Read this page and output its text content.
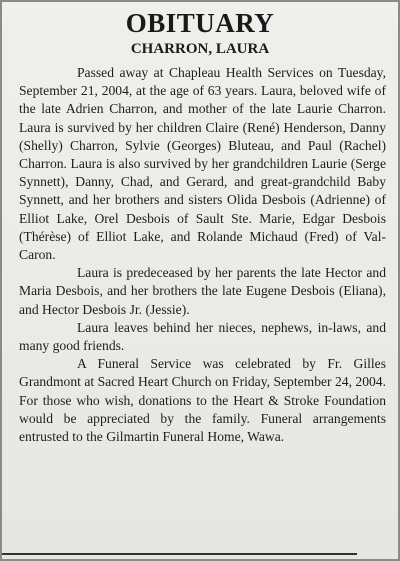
OBITUARY
CHARRON, LAURA

Passed away at Chapleau Health Services on Tuesday, September 21, 2004, at the age of 63 years. Laura, beloved wife of the late Adrien Charron, and mother of the late Laurie Charron. Laura is survived by her children Claire (René) Henderson, Danny (Shelly) Charron, Sylvie (Georges) Bluteau, and Paul (Rachel) Charron. Laura is also survived by her grandchildren Laurie (Serge Synnett), Danny, Chad, and Gerard, and great-grandchild Baby Synnett, and her brothers and sisters Olida Desbois (Adrienne) of Elliot Lake, Orel Desbois of Sault Ste. Marie, Edgar Desbois (Thérèse) of Elliot Lake, and Rolande Michaud (Fred) of Val-Caron.

Laura is predeceased by her parents the late Hector and Maria Desbois, and her brothers the late Eugene Desbois (Eliana), and Hector Desbois Jr. (Jessie).

Laura leaves behind her nieces, nephews, in-laws, and many good friends.

A Funeral Service was celebrated by Fr. Gilles Grandmont at Sacred Heart Church on Friday, September 24, 2004. For those who wish, donations to the Heart & Stroke Foundation would be appreciated by the family. Funeral arrangements entrusted to the Gilmartin Funeral Home, Wawa.
